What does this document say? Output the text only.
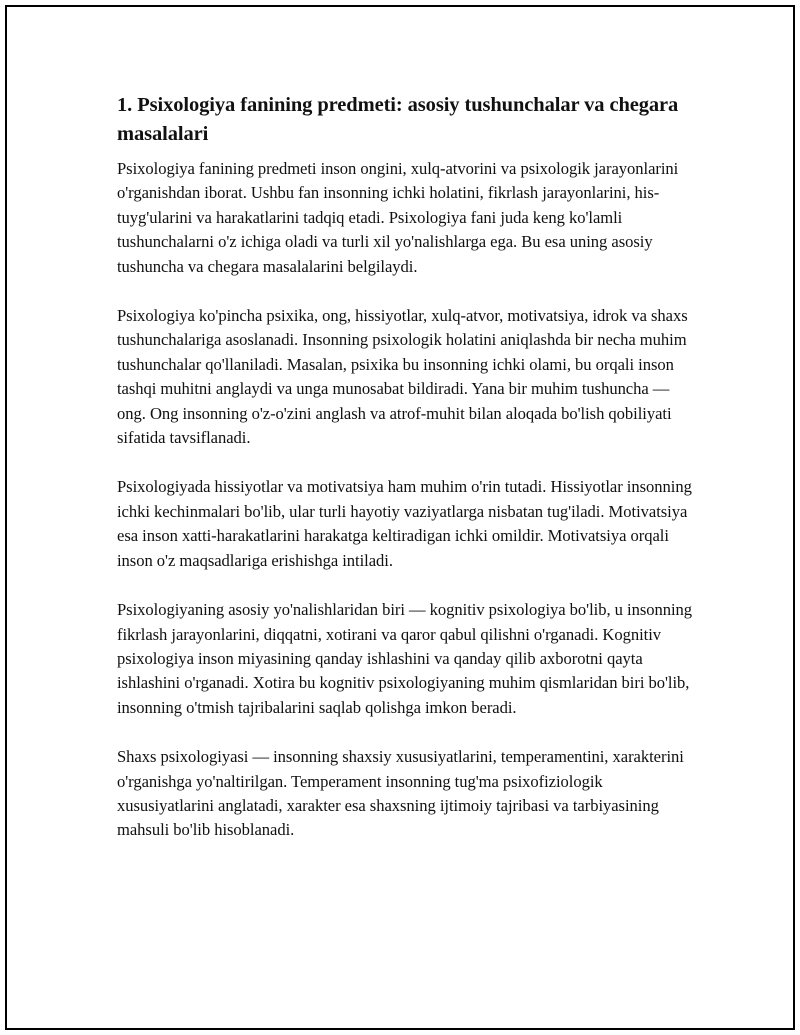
1. Psixologiya fanining predmeti: asosiy tushunchalar va chegara masalalari

Psixologiya fanining predmeti inson ongini, xulq-atvorini va psixologik jarayonlarini o'rganishdan iborat. Ushbu fan insonning ichki holatini, fikrlash jarayonlarini, his-tuyg'ularini va harakatlarini tadqiq etadi. Psixologiya fani juda keng ko'lamli tushunchalarni o'z ichiga oladi va turli xil yo'nalishlarga ega. Bu esa uning asosiy tushuncha va chegara masalalarini belgilaydi.

Psixologiya ko'pincha psixika, ong, hissiyotlar, xulq-atvor, motivatsiya, idrok va shaxs tushunchalariga asoslanadi. Insonning psixologik holatini aniqlashda bir necha muhim tushunchalar qo'llaniladi. Masalan, psixika bu insonning ichki olami, bu orqali inson tashqi muhitni anglaydi va unga munosabat bildiradi. Yana bir muhim tushuncha — ong. Ong insonning o'z-o'zini anglash va atrof-muhit bilan aloqada bo'lish qobiliyati sifatida tavsiflanadi.

Psixologiyada hissiyotlar va motivatsiya ham muhim o'rin tutadi. Hissiyotlar insonning ichki kechinmalari bo'lib, ular turli hayotiy vaziyatlarga nisbatan tug'iladi. Motivatsiya esa inson xatti-harakatlarini harakatga keltiradigan ichki omildir. Motivatsiya orqali inson o'z maqsadlariga erishishga intiladi.

Psixologiyaning asosiy yo'nalishlaridan biri — kognitiv psixologiya bo'lib, u insonning fikrlash jarayonlarini, diqqatni, xotirani va qaror qabul qilishni o'rganadi. Kognitiv psixologiya inson miyasining qanday ishlashini va qanday qilib axborotni qayta ishlashini o'rganadi. Xotira bu kognitiv psixologiyaning muhim qismlaridan biri bo'lib, insonning o'tmish tajribalarini saqlab qolishga imkon beradi.

Shaxs psixologiyasi — insonning shaxsiy xususiyatlarini, temperamentini, xarakterini o'rganishga yo'naltirilgan. Temperament insonning tug'ma psixofiziologik xususiyatlarini anglatadi, xarakter esa shaxsning ijtimoiy tajribasi va tarbiyasining mahsuli bo'lib hisoblanadi.
